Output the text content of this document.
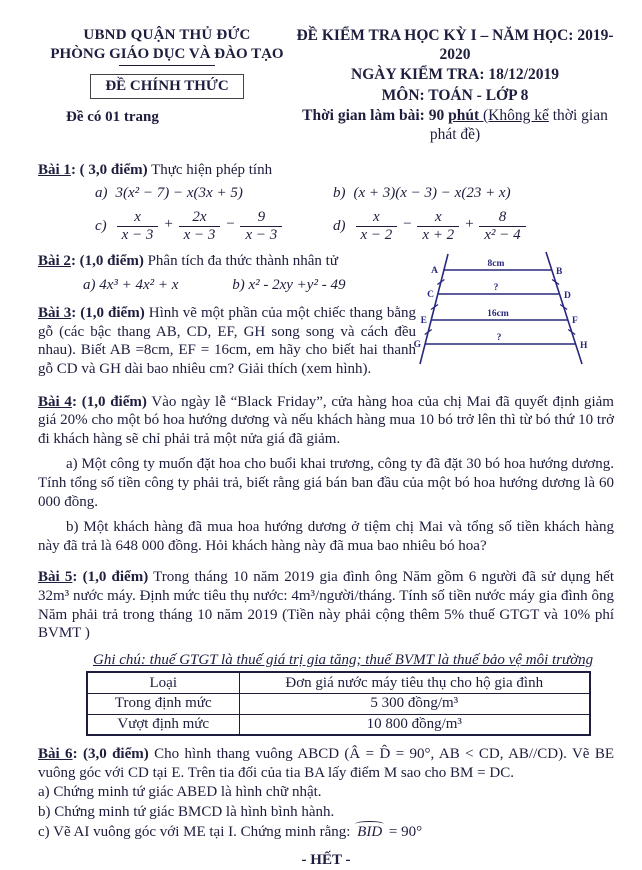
UBND QUẬN THỦ ĐỨC
PHÒNG GIÁO DỤC VÀ ĐÀO TẠO
ĐỀ CHÍNH THỨC
Đề có 01 trang
ĐỀ KIỂM TRA HỌC KỲ I – NĂM HỌC: 2019-2020
NGÀY KIỂM TRA: 18/12/2019
MÔN: TOÁN - LỚP 8
Thời gian làm bài: 90 phút (Không kể thời gian phát đề)
Bài 1: ( 3,0 điểm) Thực hiện phép tính
a) 3(x² − 7) − x(3x + 5)	b) (x + 3)(x − 3) − x(23 + x)
$c) \frac{x}{x - 3} + \frac{2x}{x - 3} - \frac{9}{x - 3}$	$d) \frac{x}{x - 2} - \frac{x}{x + 2} + \frac{8}{\text{x² − 4}}$
Bài 2: (1,0 điểm) Phân tích đa thức thành nhân tử
a) 4x³ + 4x² + x	b) x² - 2xy +y² - 49
A	B
C	D
E	F
G	H
8cm
?
16cm
?
Bài 3: (1,0 điểm) Hình vẽ một phần của một chiếc thang bằng gỗ (các bậc thang AB, CD, EF, GH song song và cách đều nhau). Biết AB =8cm, EF = 16cm, em hãy cho biết hai thanh gỗ CD và GH dài bao nhiêu cm? Giải thích (xem hình).
Bài 4: (1,0 điểm) Vào ngày lễ “Black Friday”, cửa hàng hoa của chị Mai đã quyết định giảm giá 20% cho một bó hoa hướng dương và nếu khách hàng mua 10 bó trở lên thì từ bó thứ 10 trở đi khách hàng sẽ chỉ phải trả một nửa giá đã giảm.
a) Một công ty muốn đặt hoa cho buổi khai trương, công ty đã đặt 30 bó hoa hướng dương. Tính tổng số tiền công ty phải trả, biết rằng giá bán ban đầu của một bó hoa hướng dương là 60 000 đồng.
b) Một khách hàng đã mua hoa hướng dương ở tiệm chị Mai và tổng số tiền khách hàng này đã trả là 648 000 đồng. Hỏi khách hàng này đã mua bao nhiêu bó hoa?
Bài 5: (1,0 điểm) Trong tháng 10 năm 2019 gia đình ông Năm gồm 6 người đã sử dụng hết 32m³ nước máy. Định mức tiêu thụ nước: 4m³/người/tháng. Tính số tiền nước máy gia đình ông Năm phải trả trong tháng 10 năm 2019 (Tiền này phải cộng thêm 5% thuế GTGT và 10% phí BVMT )
Ghi chú: thuế GTGT là thuế giá trị gia tăng; thuế BVMT là thuế bảo vệ môi trường
Loại	Đơn giá nước máy tiêu thụ cho hộ gia đình
Trong định mức	5 300 đồng/m³
Vượt định mức	10 800 đồng/m³
Bài 6: (3,0 điểm) Cho hình thang vuông ABCD (Â = D̂ = 90°, AB < CD, AB//CD). Vẽ BE vuông góc với CD tại E. Trên tia đối của tia BA lấy điểm M sao cho BM = DC.
a) Chứng minh tứ giác ABED là hình chữ nhật.
b) Chứng minh tứ giác BMCD là hình bình hành.
c) Vẽ AI vuông góc với ME tại I. Chứng minh rằng: BID = 90°
- HẾT -
